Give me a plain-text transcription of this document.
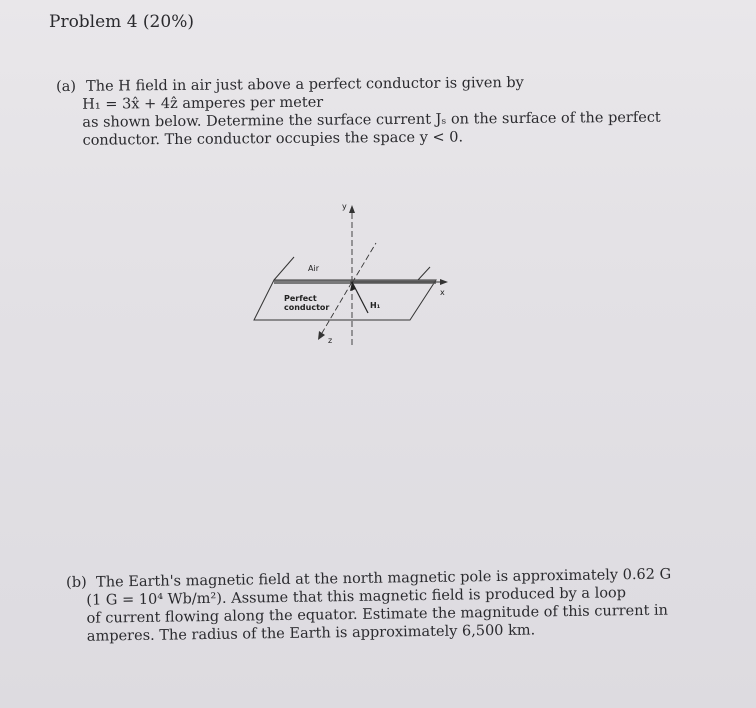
Problem 4 (20%)
(a) The H field in air just above a perfect conductor is given by
H₁ = 3x̂ + 4ẑ amperes per meter
as shown below. Determine the surface current Jₛ on the surface of the perfect
conductor. The conductor occupies the space y < 0.
y
x
z
Air
Perfect
conductor	H₁
(b) The Earth's magnetic field at the north magnetic pole is approximately 0.62 G
(1 G = 10⁴ Wb/m²). Assume that this magnetic field is produced by a loop
of current flowing along the equator. Estimate the magnitude of this current in
amperes. The radius of the Earth is approximately 6,500 km.
